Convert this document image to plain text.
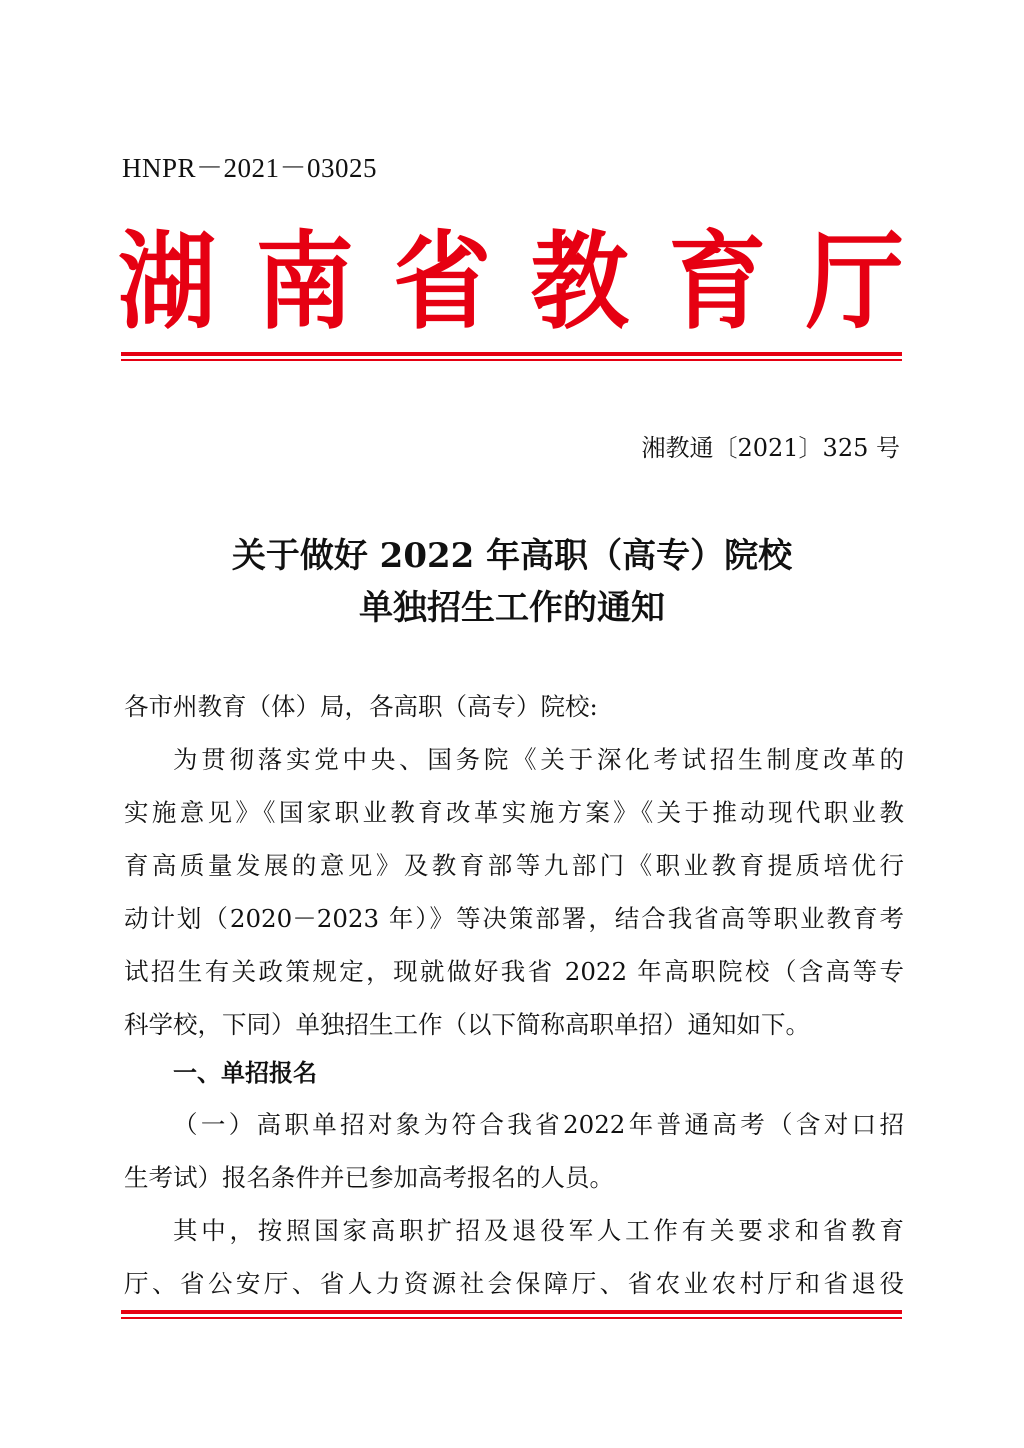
HNPR－2021－03025
湖 南 省 教 育 厅
湘教通〔2021〕325 号
关于做好 2022 年高职（高专）院校
单独招生工作的通知
各市州教育（体）局，各高职（高专）院校:
为贯彻落实党中央、国务院《关于深化考试招生制度改革的
实施意见》《国家职业教育改革实施方案》《关于推动现代职业教
育高质量发展的意见》及教育部等九部门《职业教育提质培优行
动计划（2020－2023 年）》等决策部署，结合我省高等职业教育考
试招生有关政策规定，现就做好我省 2022 年高职院校（含高等专
科学校，下同）单独招生工作（以下简称高职单招）通知如下。
一、单招报名
（一）高职单招对象为符合我省2022年普通高考（含对口招
生考试）报名条件并已参加高考报名的人员。
其中，按照国家高职扩招及退役军人工作有关要求和省教育
厅、省公安厅、省人力资源社会保障厅、省农业农村厅和省退役
